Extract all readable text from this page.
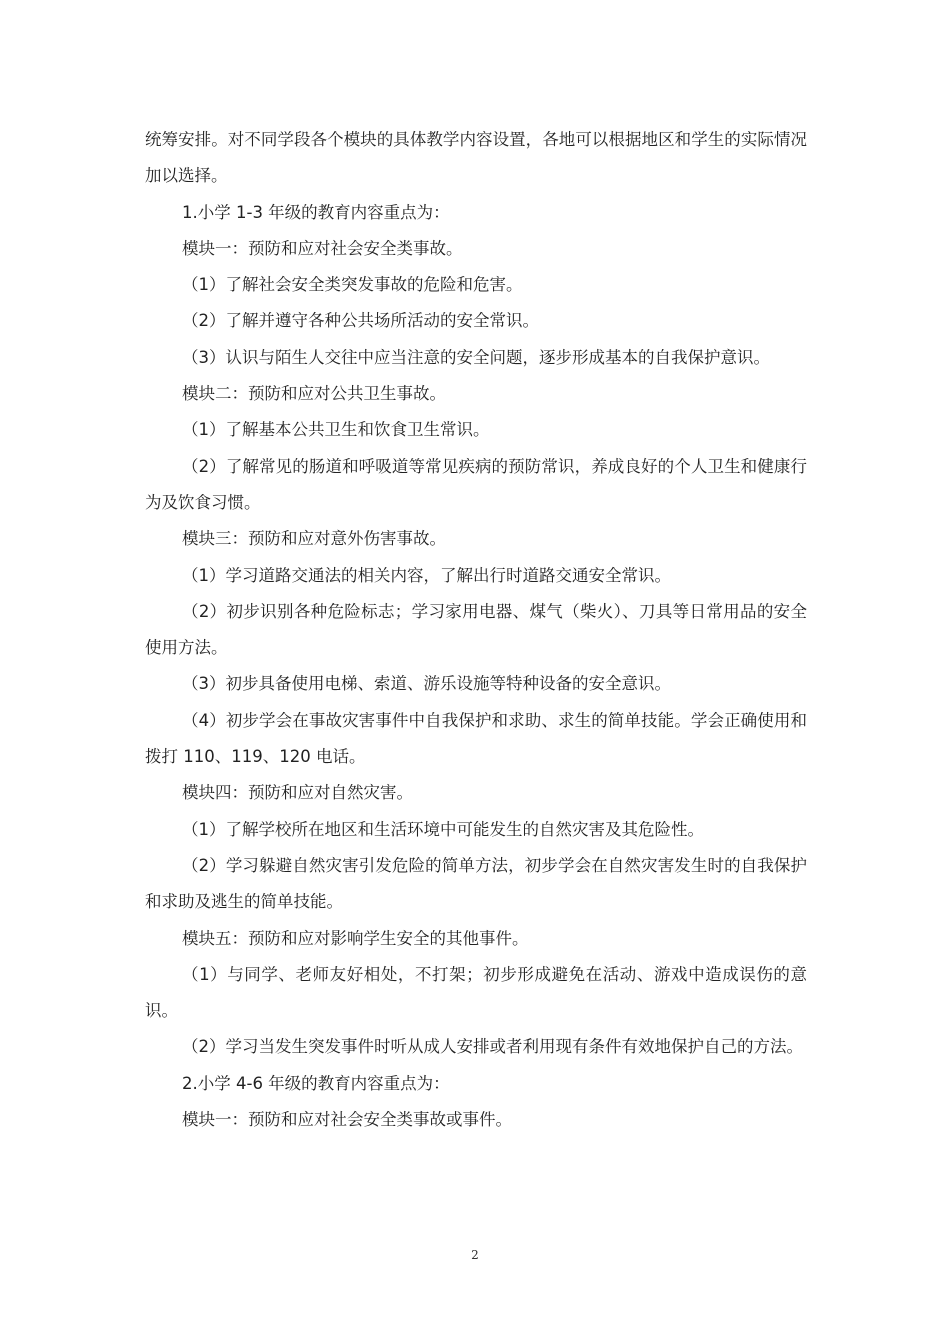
统筹安排。对不同学段各个模块的具体教学内容设置，各地可以根据地区和学生的实际情况加以选择。

1.小学 1-3 年级的教育内容重点为：

模块一：预防和应对社会安全类事故。

（1）了解社会安全类突发事故的危险和危害。

（2）了解并遵守各种公共场所活动的安全常识。

（3）认识与陌生人交往中应当注意的安全问题，逐步形成基本的自我保护意识。

模块二：预防和应对公共卫生事故。

（1）了解基本公共卫生和饮食卫生常识。

（2）了解常见的肠道和呼吸道等常见疾病的预防常识，养成良好的个人卫生和健康行为及饮食习惯。

模块三：预防和应对意外伤害事故。

（1）学习道路交通法的相关内容，了解出行时道路交通安全常识。

（2）初步识别各种危险标志；学习家用电器、煤气（柴火）、刀具等日常用品的安全使用方法。

（3）初步具备使用电梯、索道、游乐设施等特种设备的安全意识。

（4）初步学会在事故灾害事件中自我保护和求助、求生的简单技能。学会正确使用和拨打 110、119、120 电话。

模块四：预防和应对自然灾害。

（1）了解学校所在地区和生活环境中可能发生的自然灾害及其危险性。

（2）学习躲避自然灾害引发危险的简单方法，初步学会在自然灾害发生时的自我保护和求助及逃生的简单技能。

模块五：预防和应对影响学生安全的其他事件。

（1）与同学、老师友好相处，不打架；初步形成避免在活动、游戏中造成误伤的意识。

（2）学习当发生突发事件时听从成人安排或者利用现有条件有效地保护自己的方法。

2.小学 4-6 年级的教育内容重点为：

模块一：预防和应对社会安全类事故或事件。

2
